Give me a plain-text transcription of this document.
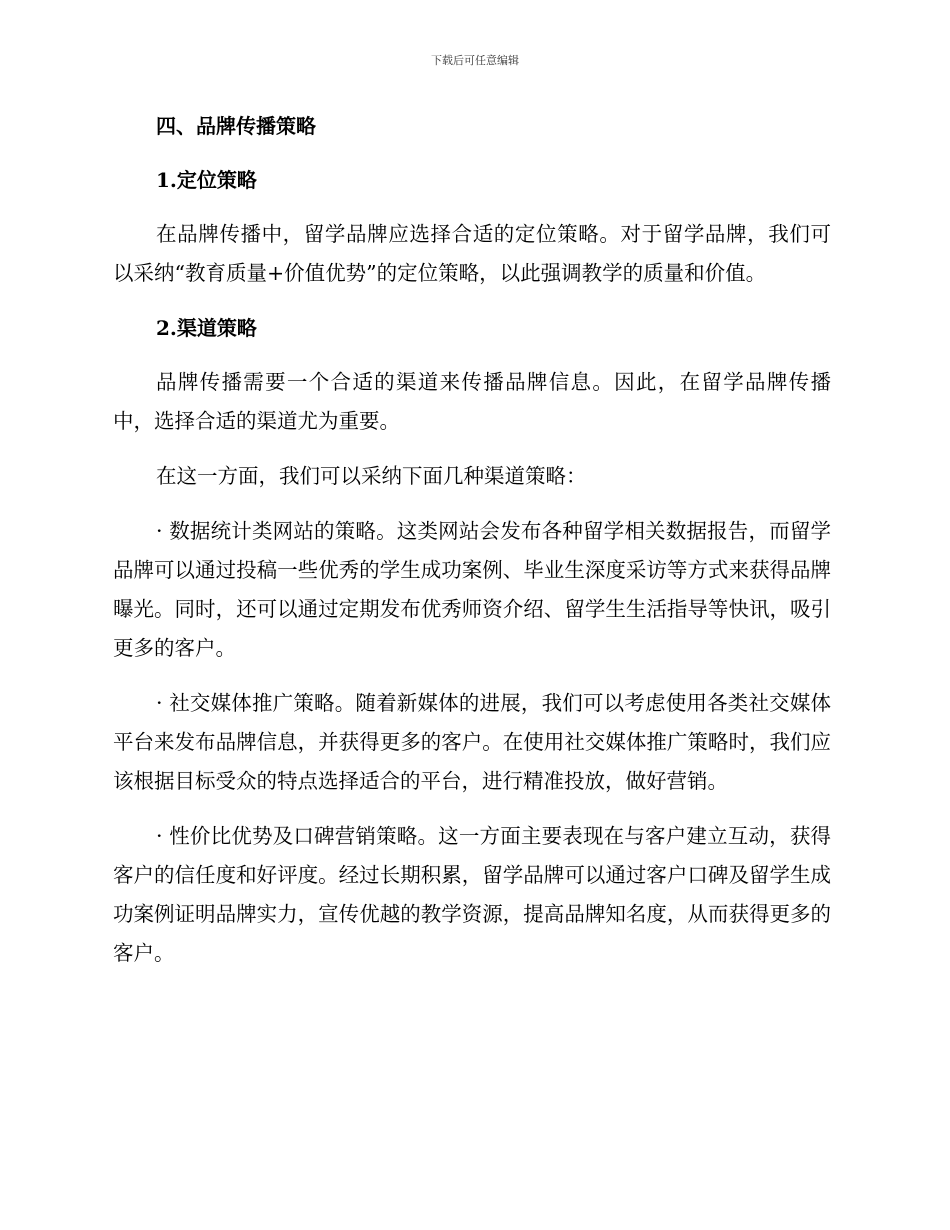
下载后可任意编辑
四、品牌传播策略
1.定位策略

在品牌传播中，留学品牌应选择合适的定位策略。对于留学品牌，我们可以采纳“教育质量+价值优势”的定位策略，以此强调教学的质量和价值。

2.渠道策略

品牌传播需要一个合适的渠道来传播品牌信息。因此，在留学品牌传播中，选择合适的渠道尤为重要。

在这一方面，我们可以采纳下面几种渠道策略：

· 数据统计类网站的策略。这类网站会发布各种留学相关数据报告，而留学品牌可以通过投稿一些优秀的学生成功案例、毕业生深度采访等方式来获得品牌曝光。同时，还可以通过定期发布优秀师资介绍、留学生生活指导等快讯，吸引更多的客户。

· 社交媒体推广策略。随着新媒体的进展，我们可以考虑使用各类社交媒体平台来发布品牌信息，并获得更多的客户。在使用社交媒体推广策略时，我们应该根据目标受众的特点选择适合的平台，进行精准投放，做好营销。

· 性价比优势及口碑营销策略。这一方面主要表现在与客户建立互动，获得客户的信任度和好评度。经过长期积累，留学品牌可以通过客户口碑及留学生成功案例证明品牌实力，宣传优越的教学资源，提高品牌知名度，从而获得更多的客户。
